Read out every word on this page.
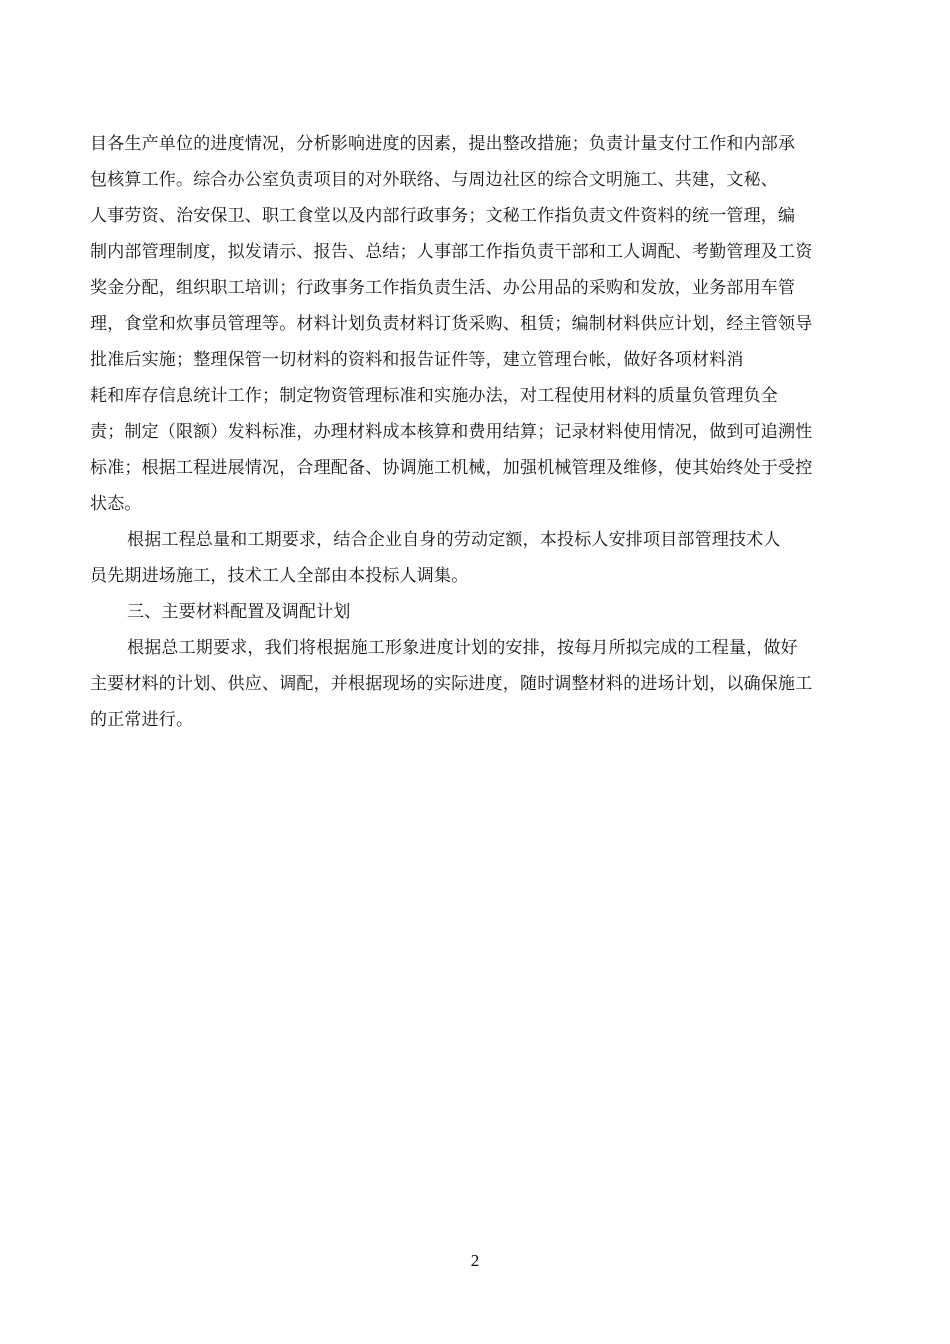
目各生产单位的进度情况，分析影响进度的因素，提出整改措施；负责计量支付工作和内部承
包核算工作。综合办公室负责项目的对外联络、与周边社区的综合文明施工、共建，文秘、
人事劳资、治安保卫、职工食堂以及内部行政事务；文秘工作指负责文件资料的统一管理，编
制内部管理制度，拟发请示、报告、总结；人事部工作指负责干部和工人调配、考勤管理及工资
奖金分配，组织职工培训；行政事务工作指负责生活、办公用品的采购和发放，业务部用车管
理，食堂和炊事员管理等。材料计划负责材料订货采购、租赁；编制材料供应计划，经主管领导
批准后实施；整理保管一切材料的资料和报告证件等，建立管理台帐，做好各项材料消
耗和库存信息统计工作；制定物资管理标准和实施办法，对工程使用材料的质量负管理负全
责；制定（限额）发料标准，办理材料成本核算和费用结算；记录材料使用情况，做到可追溯性
标准；根据工程进展情况，合理配备、协调施工机械，加强机械管理及维修，使其始终处于受控
状态。
根据工程总量和工期要求，结合企业自身的劳动定额，本投标人安排项目部管理技术人
员先期进场施工，技术工人全部由本投标人调集。
三、主要材料配置及调配计划
根据总工期要求，我们将根据施工形象进度计划的安排，按每月所拟完成的工程量，做好
主要材料的计划、供应、调配，并根据现场的实际进度，随时调整材料的进场计划，以确保施工
的正常进行。
2
